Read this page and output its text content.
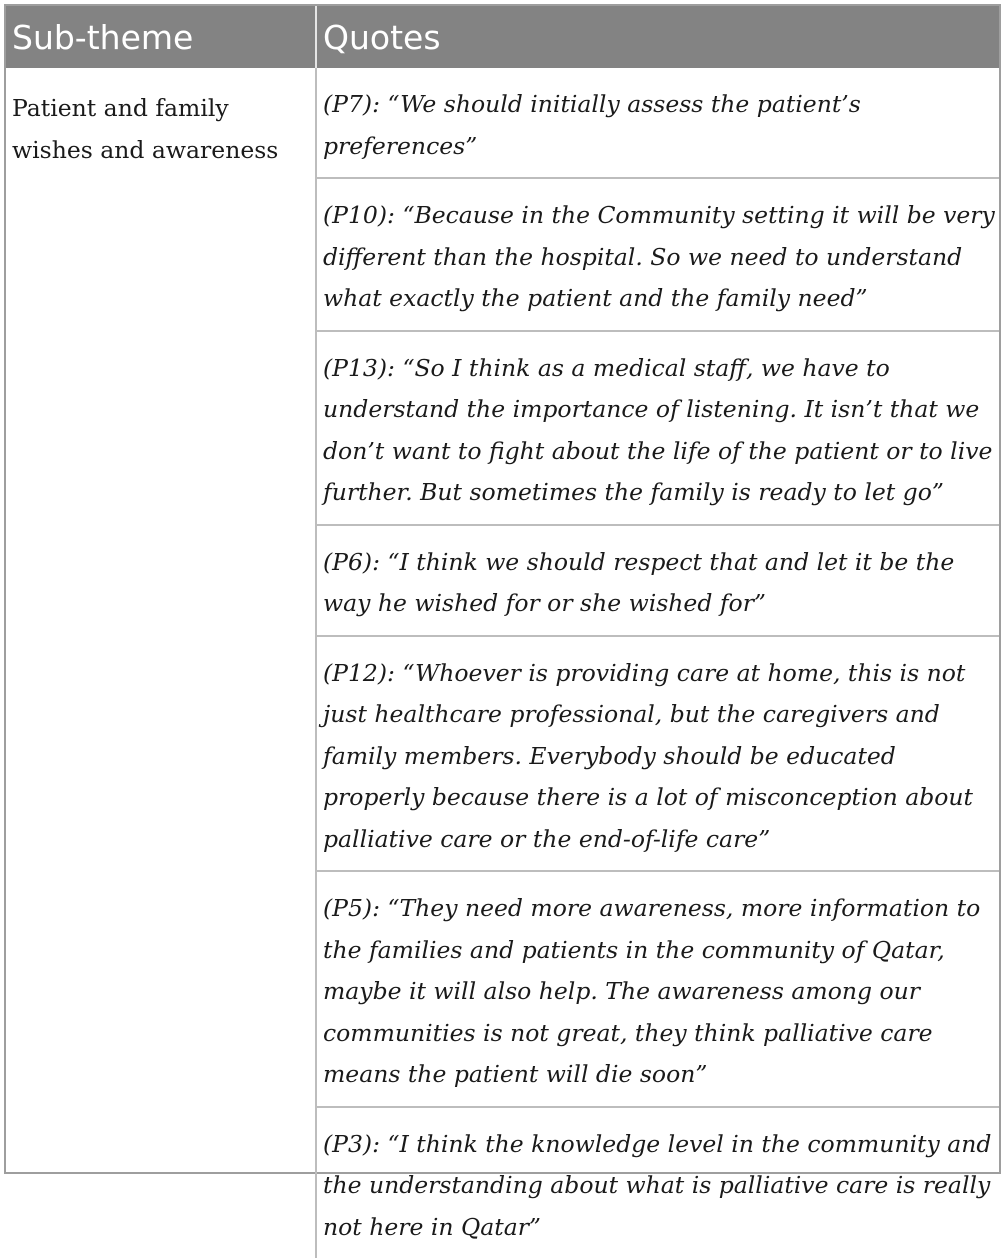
Sub-theme	Quotes
Patient and family wishes and awareness	(P7): “We should initially assess the patient’s preferences”
	(P10): “Because in the Community setting it will be very different than the hospital. So we need to understand what exactly the patient and the family need”
	(P13): “So I think as a medical staff, we have to understand the importance of listening. It isn’t that we don’t want to fight about the life of the patient or to live further. But sometimes the family is ready to let go”
	(P6): “I think we should respect that and let it be the way he wished for or she wished for”
	(P12): “Whoever is providing care at home, this is not just healthcare professional, but the caregivers and family members. Everybody should be educated properly because there is a lot of misconception about palliative care or the end-of-life care”
	(P5): “They need more awareness, more information to the families and patients in the community of Qatar, maybe it will also help. The awareness among our communities is not great, they think palliative care means the patient will die soon”
	(P3): “I think the knowledge level in the community and the understanding about what is palliative care is really not here in Qatar”
